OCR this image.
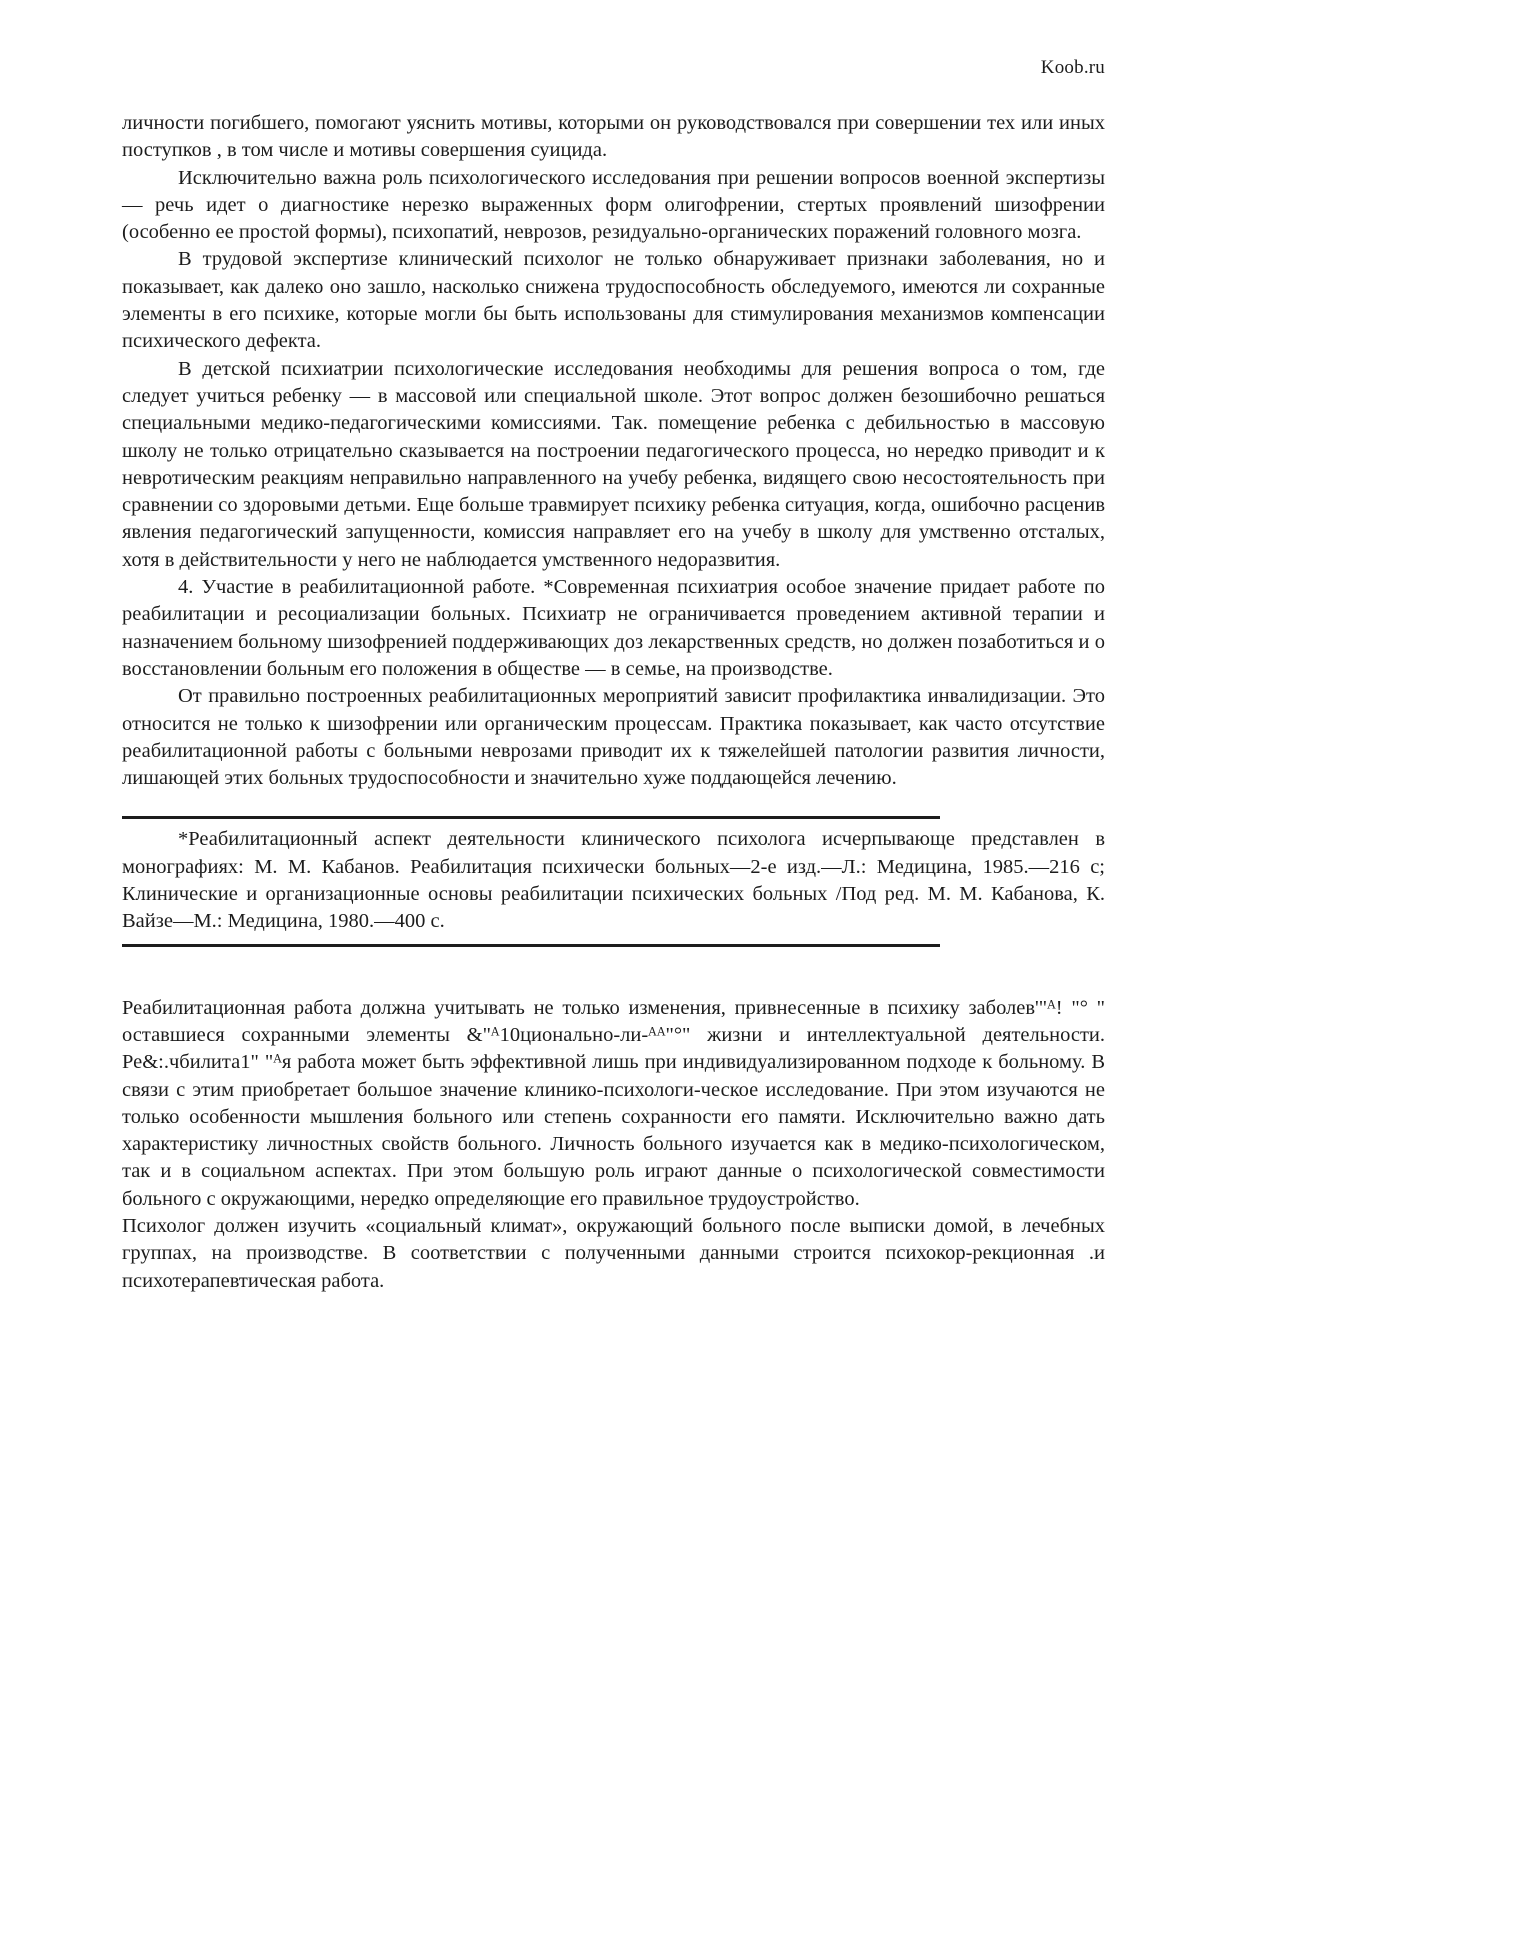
Koob.ru

личности погибшего, помогают уяснить мотивы, которыми он руководствовался при совершении тех или иных поступков , в том числе и мотивы совершения суицида.

Исключительно важна роль психологического исследования при решении вопросов военной экспертизы — речь идет о диагностике нерезко выраженных форм олигофрении, стертых проявлений шизофрении (особенно ее простой формы), психопатий, неврозов, резидуально-органических поражений головного мозга.

В трудовой экспертизе клинический психолог не только обнаруживает признаки заболевания, но и показывает, как далеко оно зашло, насколько снижена трудоспособность обследуемого, имеются ли сохранные элементы в его психике, которые могли бы быть использованы для стимулирования механизмов компенсации психического дефекта.

В детской психиатрии психологические исследования необходимы для решения вопроса о том, где следует учиться ребенку — в массовой или специальной школе. Этот вопрос должен безошибочно решаться специальными медико-педагогическими комиссиями. Так. помещение ребенка с дебильностью в массовую школу не только отрицательно сказывается на построении педагогического процесса, но нередко приводит и к невротическим реакциям неправильно направленного на учебу ребенка, видящего свою несостоятельность при сравнении со здоровыми детьми. Еще больше травмирует психику ребенка ситуация, когда, ошибочно расценив явления педагогический запущенности, комиссия направляет его на учебу в школу для умственно отсталых, хотя в действительности у него не наблюдается умственного недоразвития.

4. Участие в реабилитационной работе. *Современная психиатрия особое значение придает работе по реабилитации и ресоциализации больных. Психиатр не ограничивается проведением активной терапии и назначением больному шизофренией поддерживающих доз лекарственных средств, но должен позаботиться и о восстановлении больным его положения в обществе — в семье, на производстве.

От правильно построенных реабилитационных мероприятий зависит профилактика инвалидизации. Это относится не только к шизофрении или органическим процессам. Практика показывает, как часто отсутствие реабилитационной работы с больными неврозами приводит их к тяжелейшей патологии развития личности, лишающей этих больных трудоспособности и значительно хуже поддающейся лечению.

*Реабилитационный аспект деятельности клинического психолога исчерпывающе представлен в монографиях: М. М. Кабанов. Реабилитация психически больных—2-е изд.—Л.: Медицина, 1985.—216 с; Клинические и организационные основы реабилитации психических больных /Под ред. М. М. Кабанова, К. Вайзе—М.: Медицина, 1980.—400 с.

Реабилитационная работа должна учитывать не только изменения, привнесенные в психику заболев'"ᴬ! "° " оставшиеся сохранными элементы &"ᴬ10ционально-ли-ᴬᴬ"°" жизни и интеллектуальной деятельности. Ре&:.чбилита1" "ᴬя работа может быть эффективной лишь при индивидуализированном подходе к больному. В связи с этим приобретает большое значение клинико-психологи-ческое исследование. При этом изучаются не только особенности мышления больного или степень сохранности его памяти. Исключительно важно дать характеристику личностных свойств больного. Личность больного изучается как в медико-психологическом, так и в социальном аспектах. При этом большую роль играют данные о психологической совместимости больного с окружающими, нередко определяющие его правильное трудоустройство.

Психолог должен изучить «социальный климат», окружающий больного после выписки домой, в лечебных группах, на производстве. В соответствии с полученными данными строится психокор-рекционная .и психотерапевтическая работа.
